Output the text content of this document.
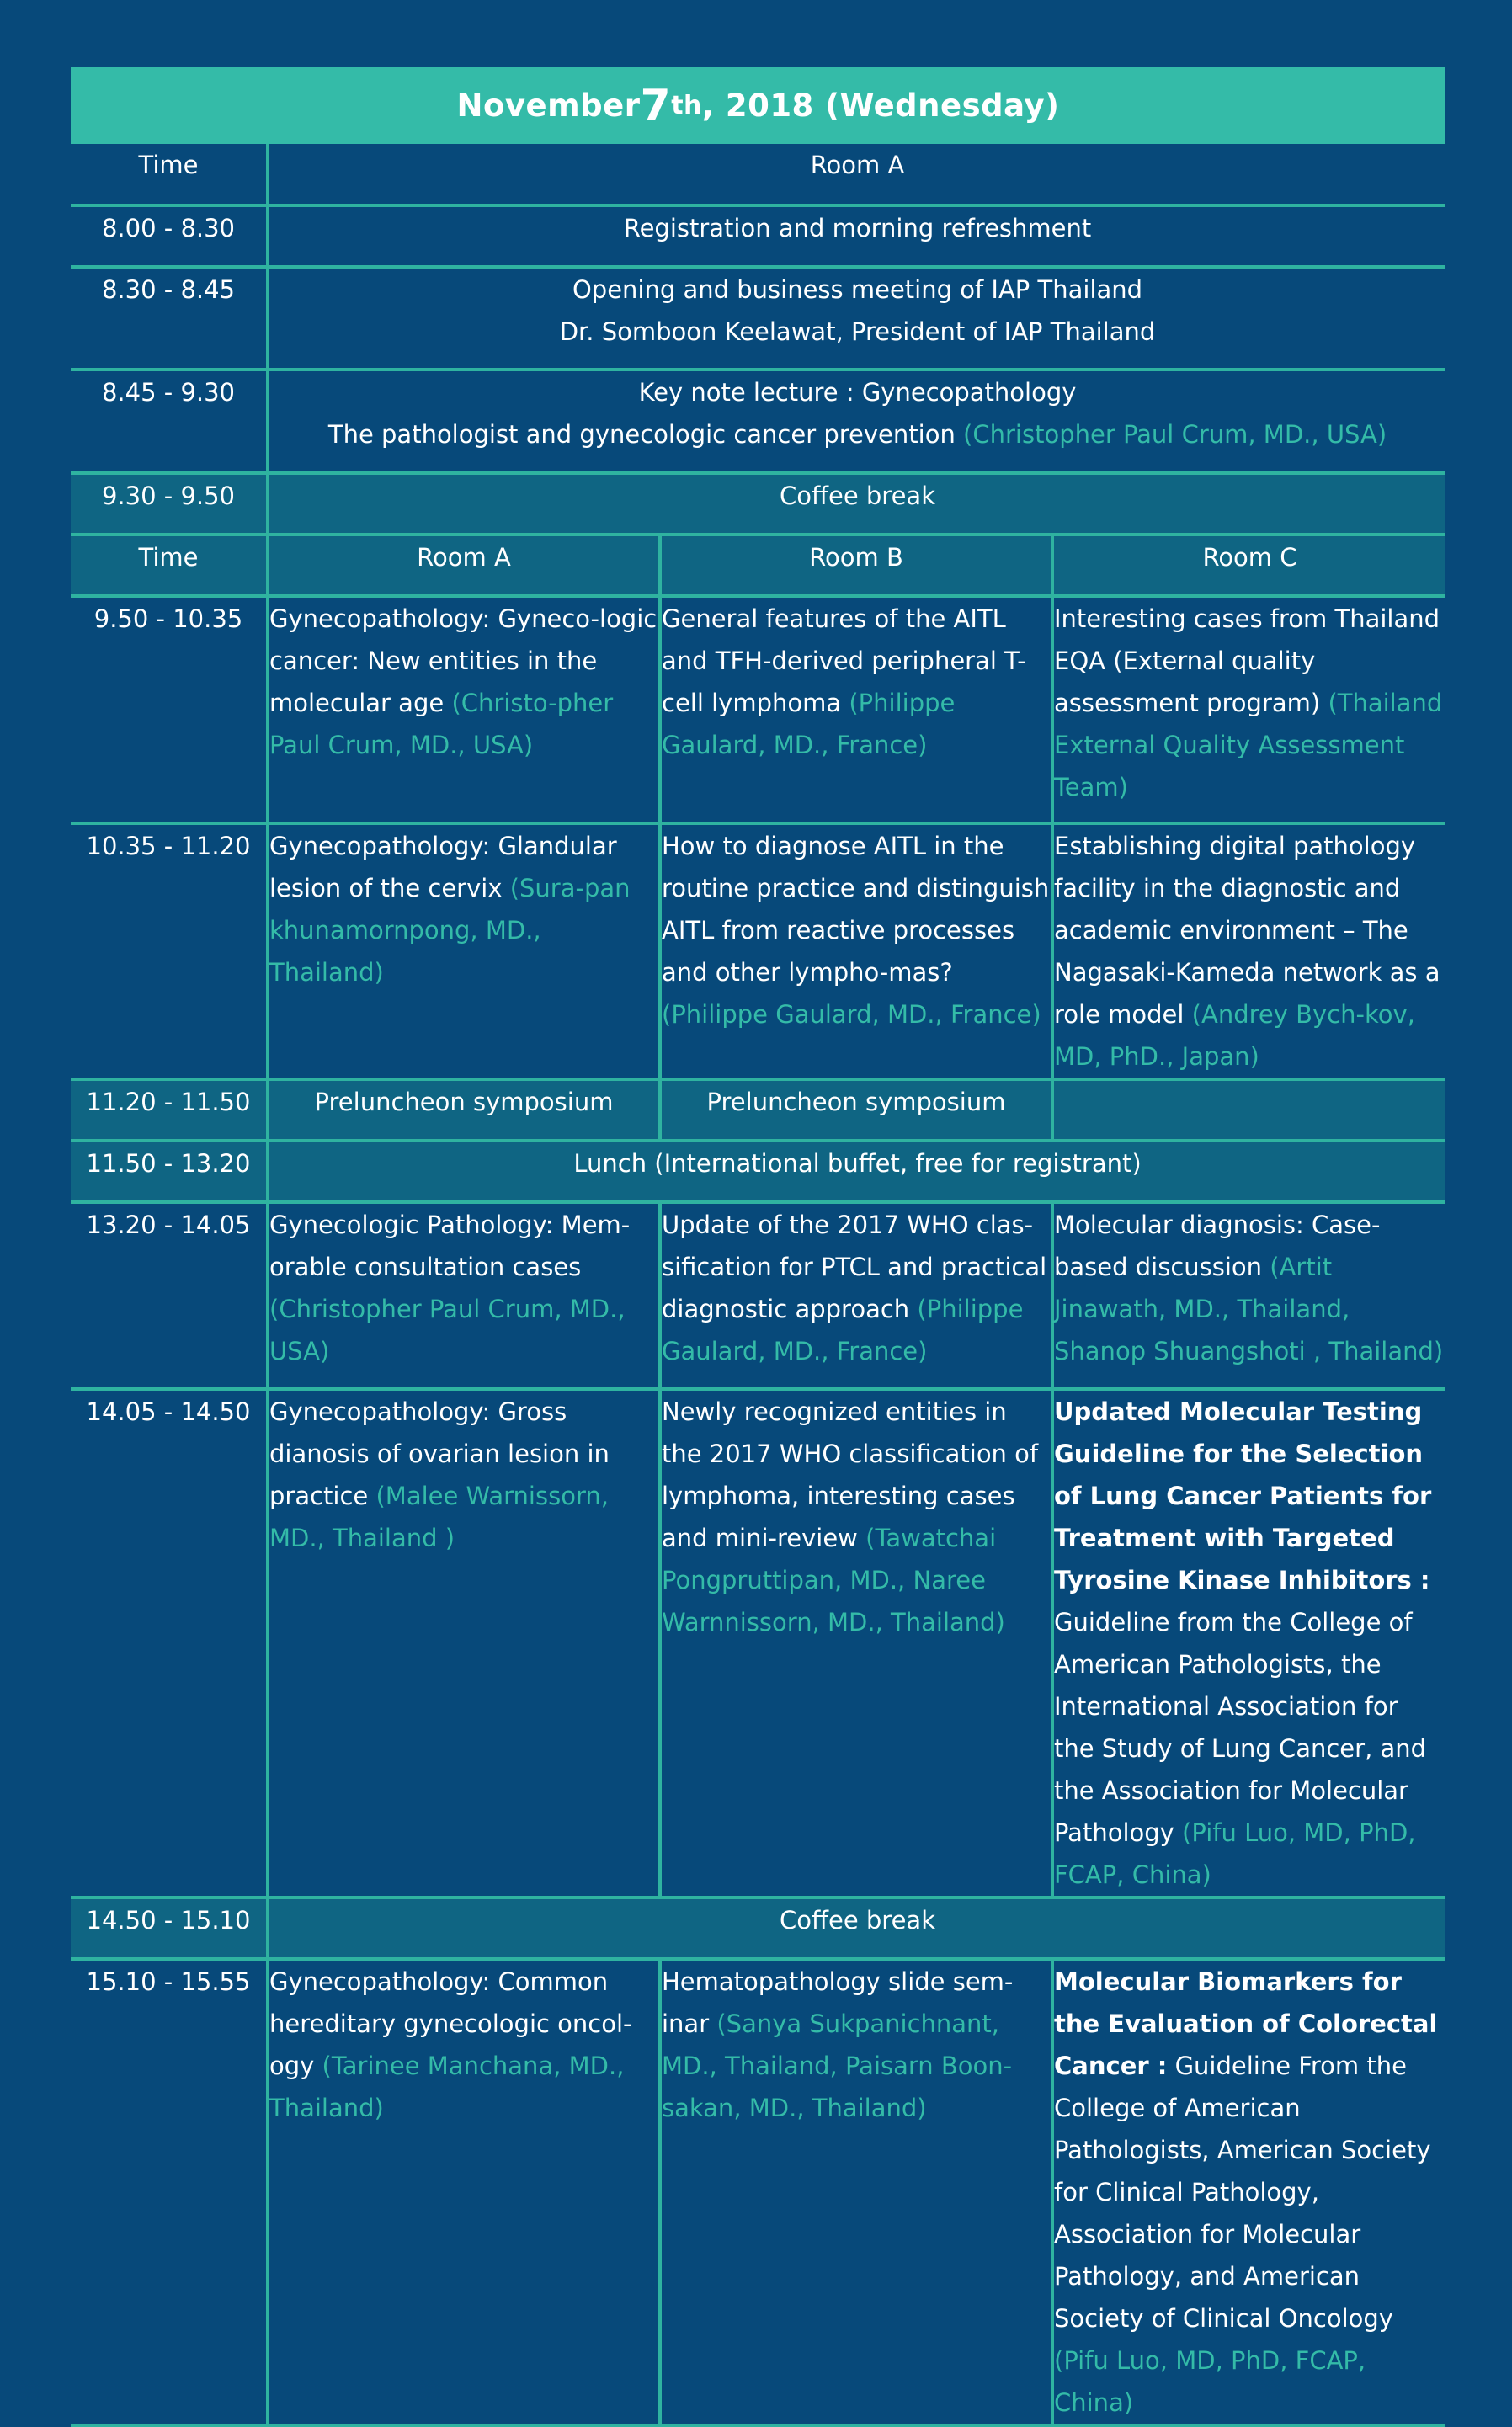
November 7 th , 2018 (Wednesday)
Time	Room A		
8.00 - 8.30	Registration and morning refreshment		
8.30 - 8.45	Opening and business meeting of IAP Thailand
Dr. Somboon Keelawat, President of IAP Thailand		

8.45 - 9.30	Key note lecture : Gynecopathology
The pathologist and gynecologic cancer prevention (Christopher Paul Crum, MD., USA)		

9.30 - 9.50	Coffee break		
Time	Room A	Room B	Room C
9.50 - 10.35	Gynecopathology: Gyneco-logic cancer: New entities in the molecular age (Christo-pher Paul Crum, MD., USA)	General features of the AITL and TFH-derived peripheral T-cell lymphoma (Philippe Gaulard, MD., France)	Interesting cases from Thailand EQA (External quality assessment program) (Thailand External Quality Assessment Team)
10.35 - 11.20	Gynecopathology: Glandular lesion of the cervix (Sura-pan khunamornpong, MD., Thailand)	How to diagnose AITL in the routine practice and distinguish AITL from reactive processes and other lympho-mas? (Philippe Gaulard, MD., France)	Establishing digital pathology facility in the diagnostic and academic environment – The Nagasaki-Kameda network as a role model (Andrey Bych-kov, MD, PhD., Japan)
11.20 - 11.50	Preluncheon symposium	Preluncheon symposium	
11.50 - 13.20	Lunch (International buffet, free for registrant)		
13.20 - 14.05	Gynecologic Pathology: Mem-orable consultation cases (Christopher Paul Crum, MD., USA)	Update of the 2017 WHO clas-sification for PTCL and practical diagnostic approach (Philippe Gaulard, MD., France)	Molecular diagnosis: Case-based discussion (Artit Jinawath, MD., Thailand, Shanop Shuangshoti , Thailand)
14.05 - 14.50	Gynecopathology: Gross dianosis of ovarian lesion in practice (Malee Warnissorn, MD., Thailand )	Newly recognized entities in the 2017 WHO classification of lymphoma, interesting cases and mini-review (Tawatchai Pongpruttipan, MD., Naree Warnnissorn, MD., Thailand)	Updated Molecular Testing Guideline for the Selection of Lung Cancer Patients for Treatment with Targeted Tyrosine Kinase Inhibitors : Guideline from the College of American Pathologists, the International Association for the Study of Lung Cancer, and the Association for Molecular Pathology (Pifu Luo, MD, PhD, FCAP, China)
14.50 - 15.10	Coffee break		
15.10 - 15.55	Gynecopathology: Common hereditary gynecologic oncol-ogy (Tarinee Manchana, MD., Thailand)	Hematopathology slide sem-inar (Sanya Sukpanichnant, MD., Thailand, Paisarn Boon-sakan, MD., Thailand)	Molecular Biomarkers for the Evaluation of Colorectal Cancer : Guideline From the College of American Pathologists, American Society for Clinical Pathology, Association for Molecular Pathology, and American Society of Clinical Oncology (Pifu Luo, MD, PhD, FCAP, China)
